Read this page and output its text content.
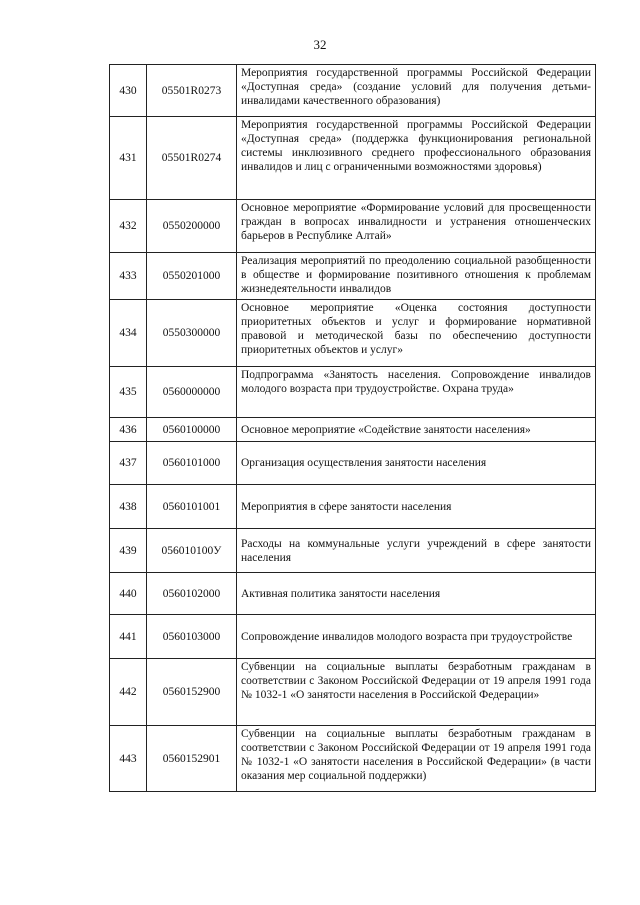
32
430	05501R0273	Мероприятия государственной программы Российской Федерации «Доступная среда» (создание условий для получения детьми-инвалидами качественного образования)
431	05501R0274	Мероприятия государственной программы Российской Федерации «Доступная среда» (поддержка функционирования региональной системы инклюзивного среднего профессионального образования инвалидов и лиц с ограниченными возможностями здоровья)
432	0550200000	Основное мероприятие «Формирование условий для просвещенности граждан в вопросах инвалидности и устранения отношенческих барьеров в Республике Алтай»
433	0550201000	Реализация мероприятий по преодолению социальной разобщенности в обществе и формирование позитивного отношения к проблемам жизнедеятельности инвалидов
434	0550300000	Основное мероприятие «Оценка состояния доступности приоритетных объектов и услуг и формирование нормативной правовой и методической базы по обеспечению доступности приоритетных объектов и услуг»
435	0560000000	Подпрограмма «Занятость населения. Сопровождение инвалидов молодого возраста при трудоустройстве. Охрана труда»
436	0560100000	Основное мероприятие «Содействие занятости населения»
437	0560101000	Организация осуществления занятости населения
438	0560101001	Мероприятия в сфере занятости населения
439	056010100У	Расходы на коммунальные услуги учреждений в сфере занятости населения
440	0560102000	Активная политика занятости населения
441	0560103000	Сопровождение инвалидов молодого возраста при трудоустройстве
442	0560152900	Субвенции на социальные выплаты безработным гражданам в соответствии с Законом Российской Федерации от 19 апреля 1991 года № 1032-1 «О занятости населения в Российской Федерации»
443	0560152901	Субвенции на социальные выплаты безработным гражданам в соответствии с Законом Российской Федерации от 19 апреля 1991 года № 1032-1 «О занятости населения в Российской Федерации» (в части оказания мер социальной поддержки)
